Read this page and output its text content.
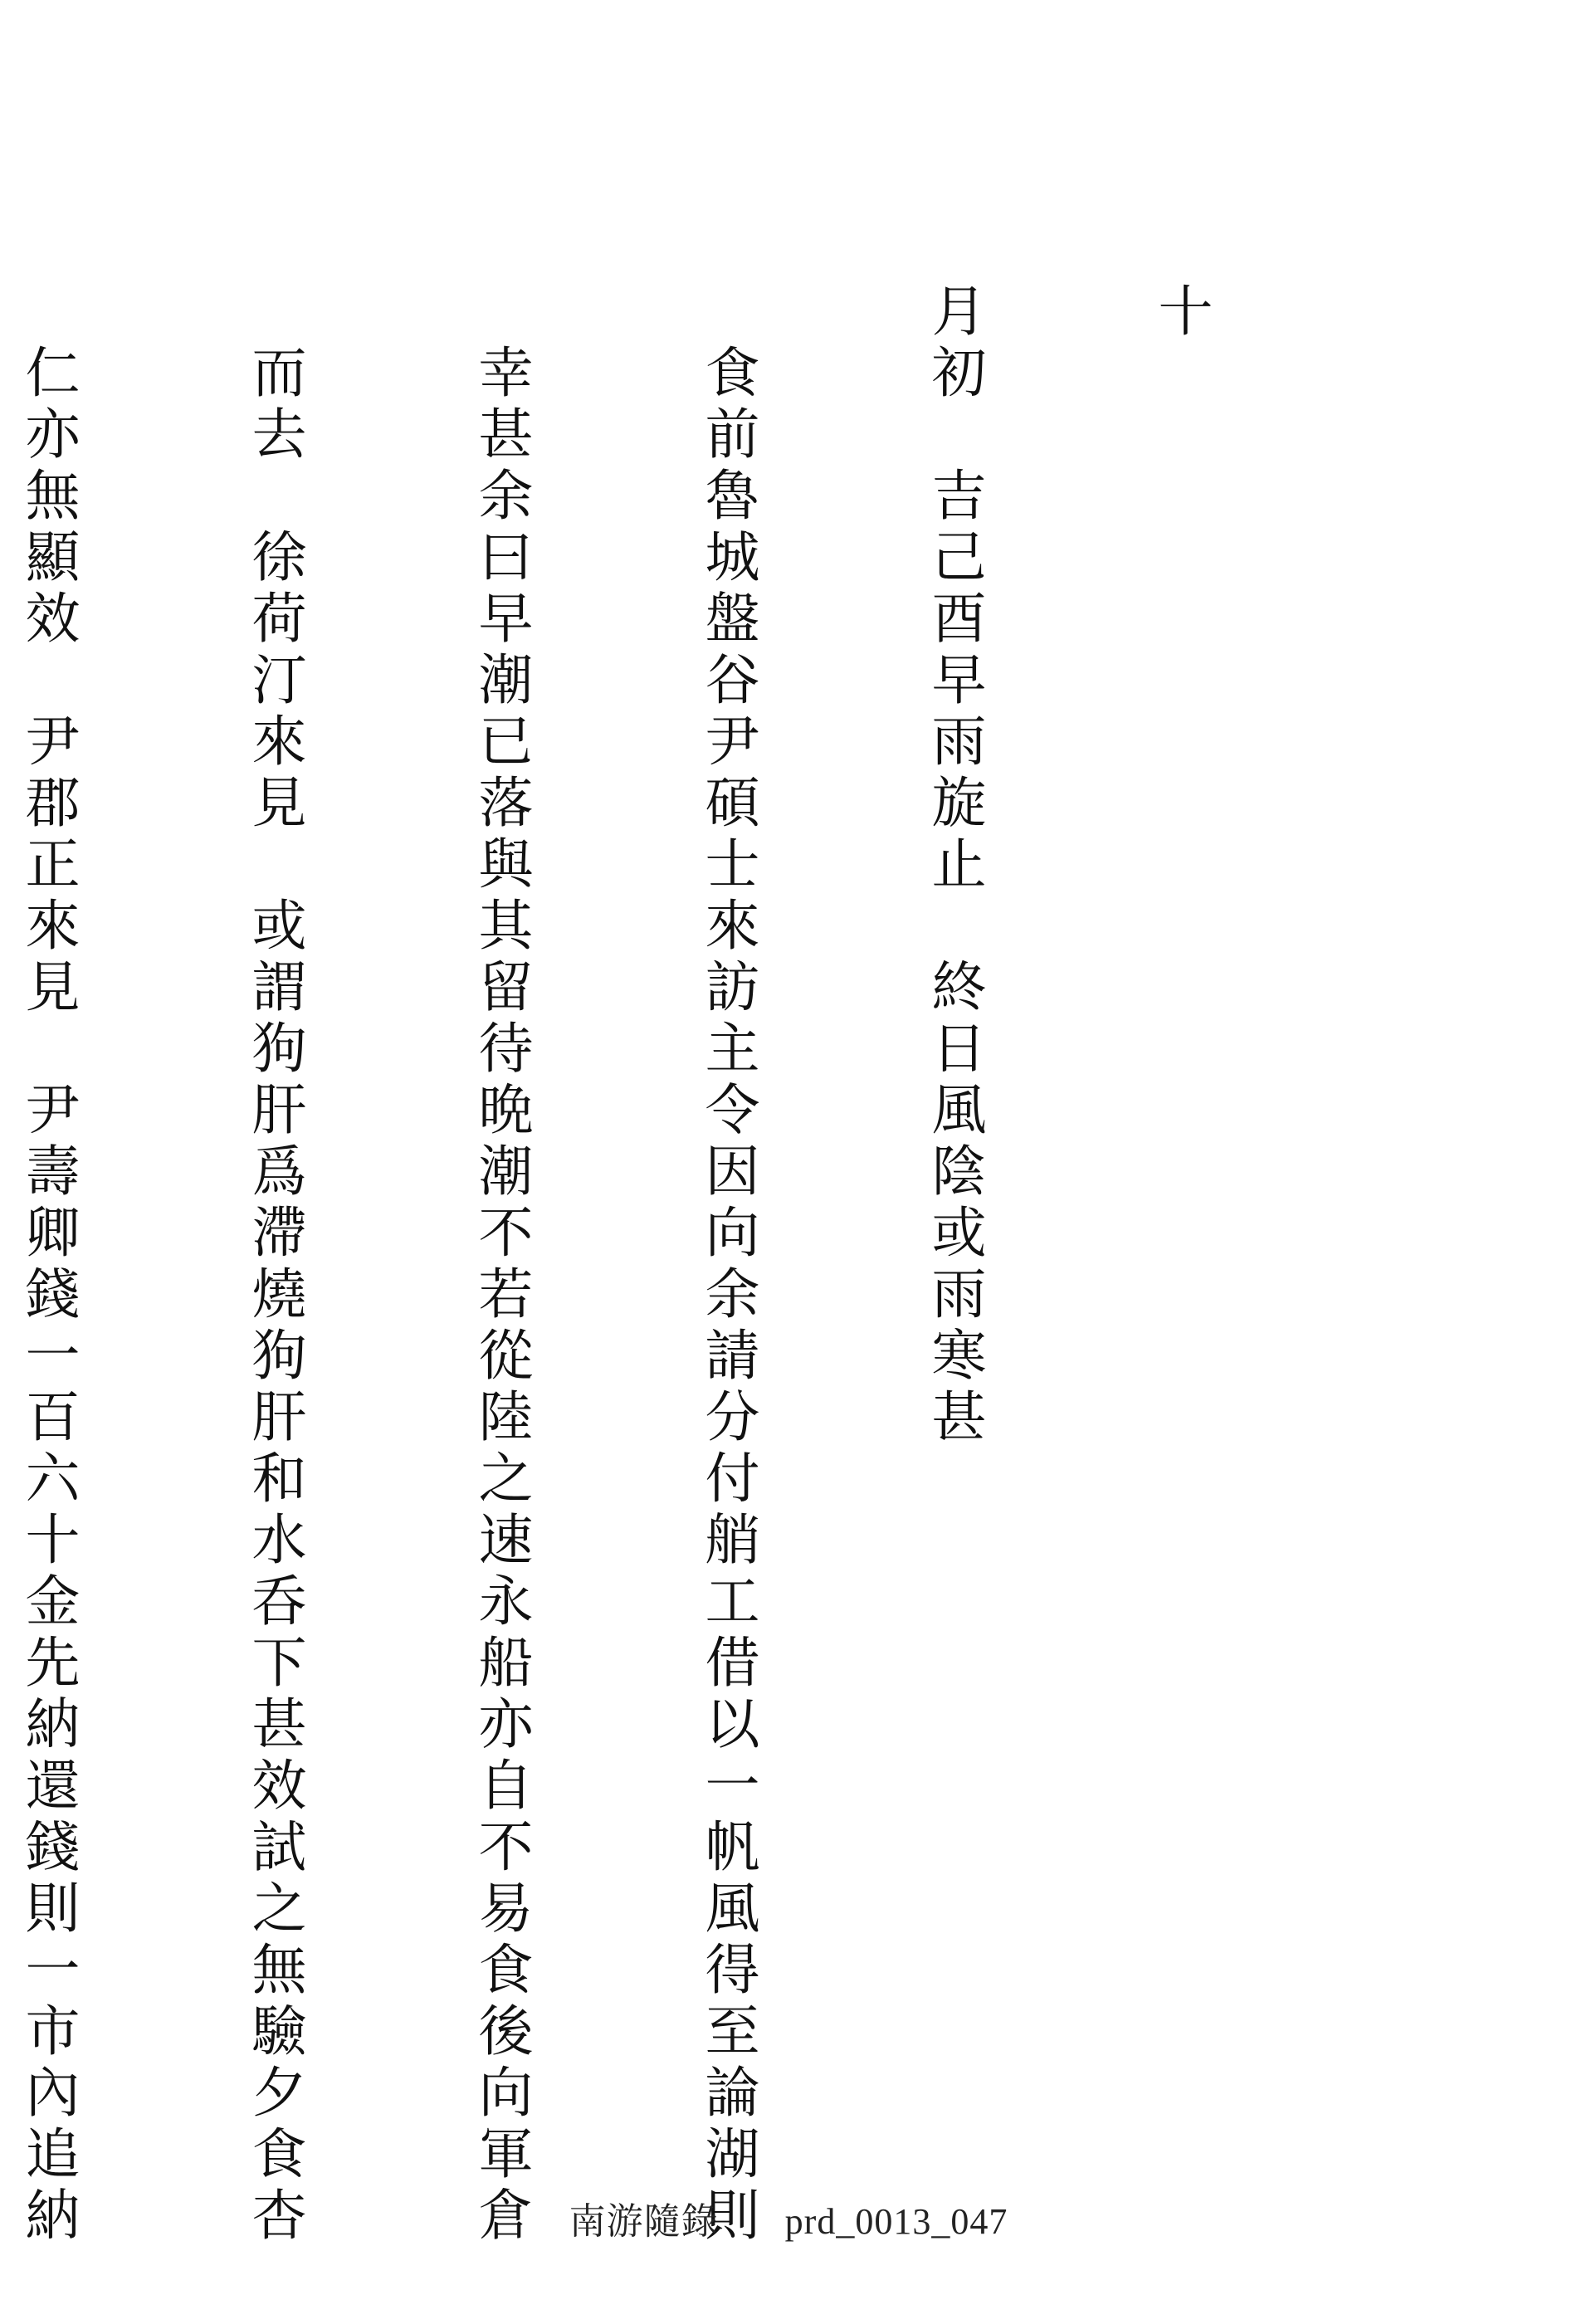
十

月初　吉己酉早雨旋止　終日風陰或雨寒甚

　食前魯城盤谷尹碩士來訪主令因向余請分付艄工借以一帆風得至論湖則

　幸甚余曰早潮已落與其留待晩潮不若從陸之速永船亦自不易食後向軍倉

　而去　徐荷汀來見　或謂狗肝爲滯燒狗肝和水呑下甚效試之無驗夕食杏

　仁亦無顯效　尹郡正來見　尹壽卿錢一百六十金先納還錢則一市內追納

	南游隨錄 prd_0013_047
